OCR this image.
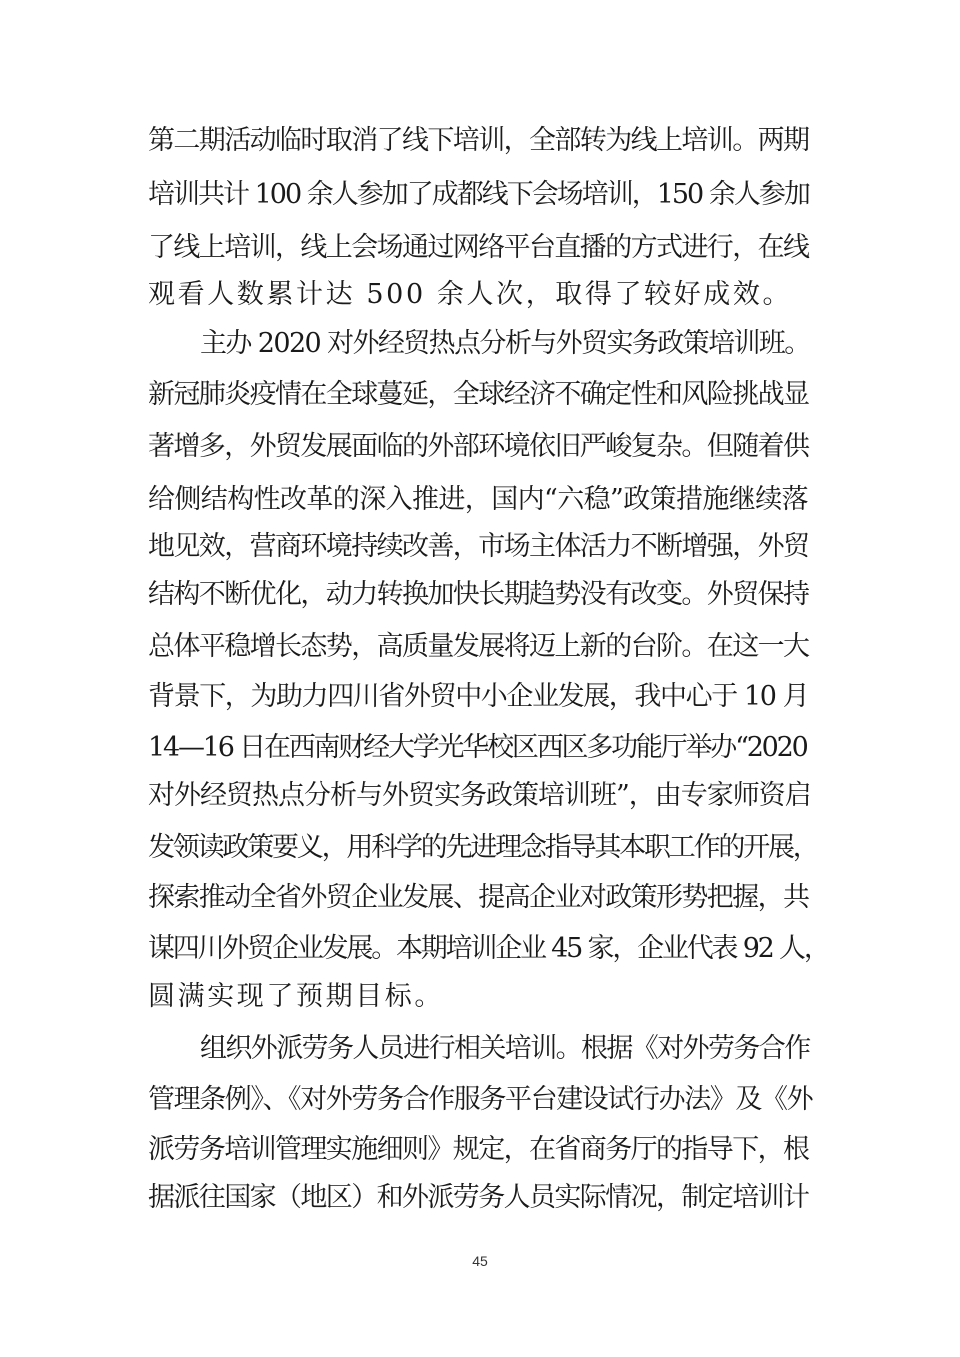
第二期活动临时取消了线下培训，全部转为线上培训。两期
培训共计 100 余人参加了成都线下会场培训，150 余人参加
了线上培训，线上会场通过网络平台直播的方式进行，在线
观看人数累计达 500 余人次，取得了较好成效。
主办 2020 对外经贸热点分析与外贸实务政策培训班。
新冠肺炎疫情在全球蔓延，全球经济不确定性和风险挑战显
著增多，外贸发展面临的外部环境依旧严峻复杂。但随着供
给侧结构性改革的深入推进，国内“六稳”政策措施继续落
地见效，营商环境持续改善，市场主体活力不断增强，外贸
结构不断优化，动力转换加快长期趋势没有改变。外贸保持
总体平稳增长态势，高质量发展将迈上新的台阶。在这一大
背景下，为助力四川省外贸中小企业发展，我中心于 10 月
14—16 日在西南财经大学光华校区西区多功能厅举办“2020
对外经贸热点分析与外贸实务政策培训班”，由专家师资启
发领读政策要义，用科学的先进理念指导其本职工作的开展，
探索推动全省外贸企业发展、提高企业对政策形势把握，共
谋四川外贸企业发展。本期培训企业 45 家，企业代表 92 人，
圆满实现了预期目标。
组织外派劳务人员进行相关培训。根据《对外劳务合作
管理条例》、《对外劳务合作服务平台建设试行办法》及《外
派劳务培训管理实施细则》规定，在省商务厅的指导下，根
据派往国家（地区）和外派劳务人员实际情况，制定培训计
45
